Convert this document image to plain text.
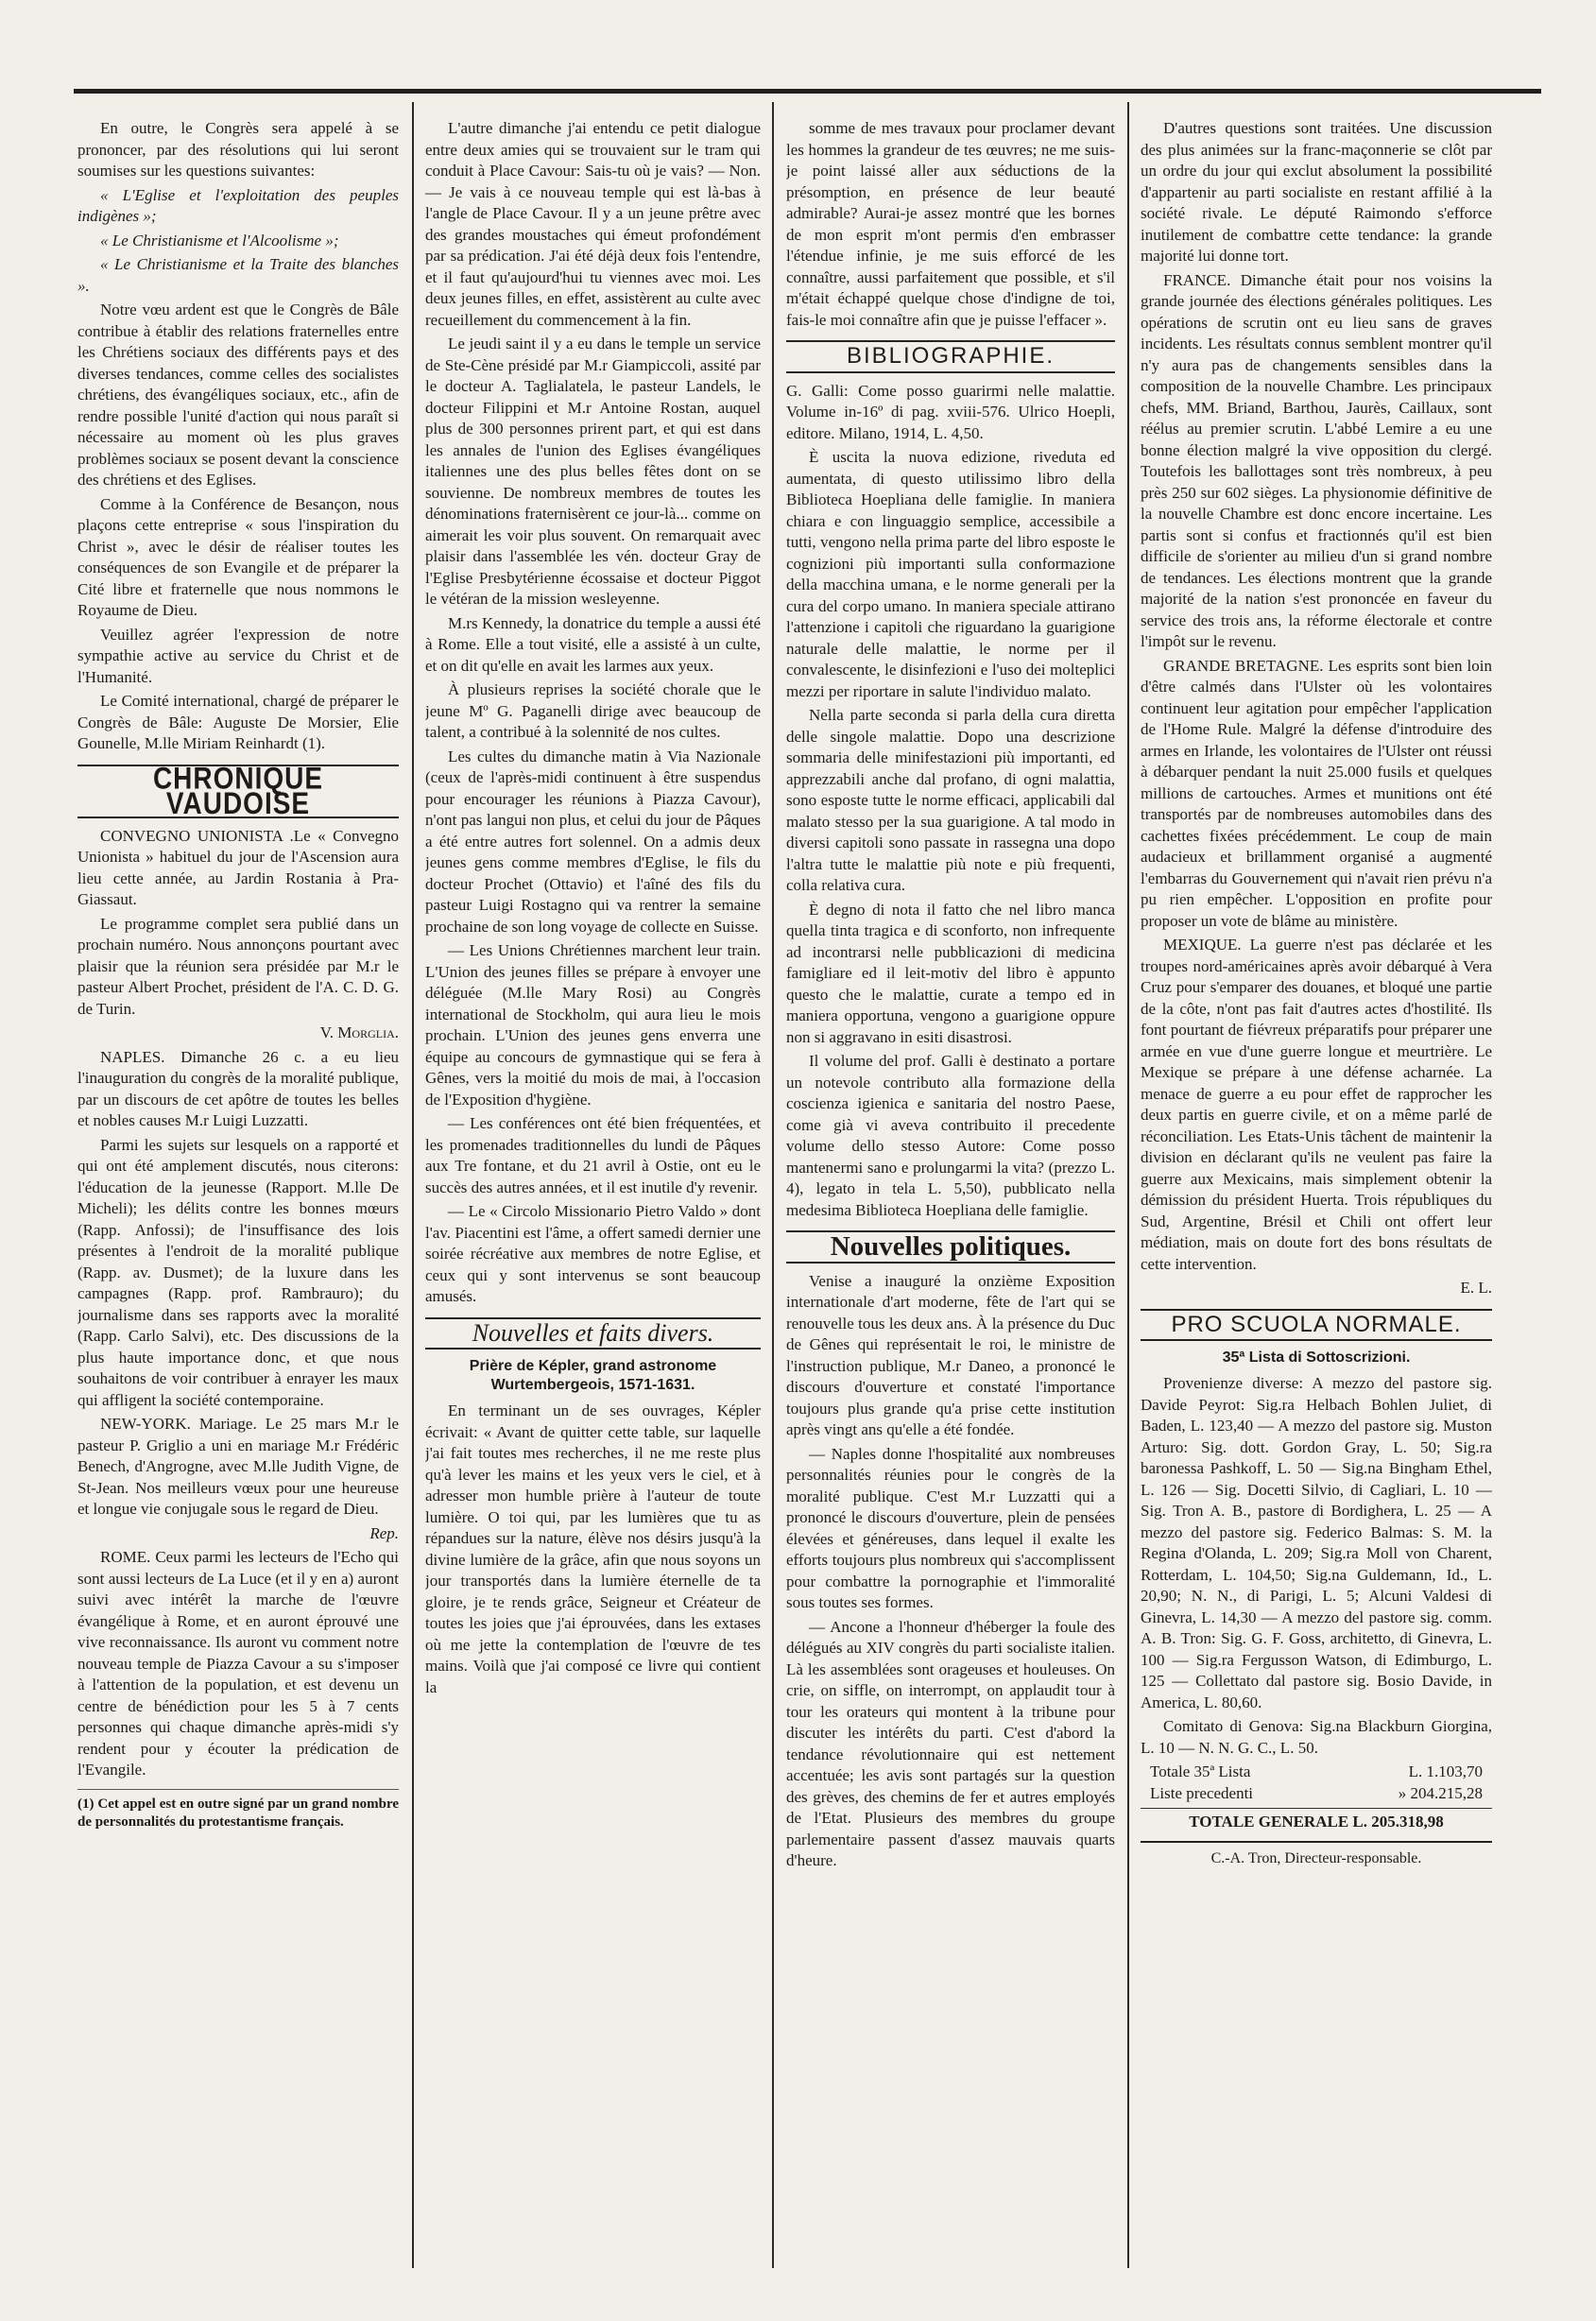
En outre, le Congrès sera appelé à se prononcer, par des résolutions qui lui seront soumises sur les questions suivantes:

« L'Eglise et l'exploitation des peuples indigènes »;

« Le Christianisme et l'Alcoolisme »;

« Le Christianisme et la Traite des blanches ».

Notre vœu ardent est que le Congrès de Bâle contribue à établir des relations fraternelles entre les Chrétiens sociaux des différents pays et des diverses tendances, comme celles des socialistes chrétiens, des évangéliques sociaux, etc., afin de rendre possible l'unité d'action qui nous paraît si nécessaire au moment où les plus graves problèmes sociaux se posent devant la conscience des chrétiens et des Eglises.

Comme à la Conférence de Besançon, nous plaçons cette entreprise « sous l'inspiration du Christ », avec le désir de réaliser toutes les conséquences de son Evangile et de préparer la Cité libre et fraternelle que nous nommons le Royaume de Dieu.

Veuillez agréer l'expression de notre sympathie active au service du Christ et de l'Humanité.

Le Comité international, chargé de préparer le Congrès de Bâle: Auguste De Morsier, Elie Gounelle, M.lle Miriam Reinhardt (1).

CHRONIQUE VAUDOISE

CONVEGNO UNIONISTA .Le « Convegno Unionista » habituel du jour de l'Ascension aura lieu cette année, au Jardin Rostania à Pra-Giassaut.

Le programme complet sera publié dans un prochain numéro. Nous annonçons pourtant avec plaisir que la réunion sera présidée par M.r le pasteur Albert Prochet, président de l'A. C. D. G. de Turin.

V. Morglia.

NAPLES. Dimanche 26 c. a eu lieu l'inauguration du congrès de la moralité publique, par un discours de cet apôtre de toutes les belles et nobles causes M.r Luigi Luzzatti.

Parmi les sujets sur lesquels on a rapporté et qui ont été amplement discutés, nous citerons: l'éducation de la jeunesse (Rapport. M.lle De Micheli); les délits contre les bonnes mœurs (Rapp. Anfossi); de l'insuffisance des lois présentes à l'endroit de la moralité publique (Rapp. av. Dusmet); de la luxure dans les campagnes (Rapp. prof. Rambrauro); du journalisme dans ses rapports avec la moralité (Rapp. Carlo Salvi), etc. Des discussions de la plus haute importance donc, et que nous souhaitons de voir contribuer à enrayer les maux qui affligent la société contemporaine.

NEW-YORK. Mariage. Le 25 mars M.r le pasteur P. Griglio a uni en mariage M.r Frédéric Benech, d'Angrogne, avec M.lle Judith Vigne, de St-Jean. Nos meilleurs vœux pour une heureuse et longue vie conjugale sous le regard de Dieu.

Rep.

ROME. Ceux parmi les lecteurs de l'Echo qui sont aussi lecteurs de La Luce (et il y en a) auront suivi avec intérêt la marche de l'œuvre évangélique à Rome, et en auront éprouvé une vive reconnaissance. Ils auront vu comment notre nouveau temple de Piazza Cavour a su s'imposer à l'attention de la population, et est devenu un centre de bénédiction pour les 5 à 7 cents personnes qui chaque dimanche après-midi s'y rendent pour y écouter la prédication de l'Evangile.

(1) Cet appel est en outre signé par un grand nombre de personnalités du protestantisme français.

L'autre dimanche j'ai entendu ce petit dialogue entre deux amies qui se trouvaient sur le tram qui conduit à Place Cavour: Sais-tu où je vais? — Non. — Je vais à ce nouveau temple qui est là-bas à l'angle de Place Cavour. Il y a un jeune prêtre avec des grandes moustaches qui émeut profondément par sa prédication. J'ai été déjà deux fois l'entendre, et il faut qu'aujourd'hui tu viennes avec moi. Les deux jeunes filles, en effet, assistèrent au culte avec recueillement du commencement à la fin.

Le jeudi saint il y a eu dans le temple un service de Ste-Cène présidé par M.r Giampiccoli, assité par le docteur A. Taglialatela, le pasteur Landels, le docteur Filippini et M.r Antoine Rostan, auquel plus de 300 personnes prirent part, et qui est dans les annales de l'union des Eglises évangéliques italiennes une des plus belles fêtes dont on se souvienne. De nombreux membres de toutes les dénominations fraternisèrent ce jour-là... comme on aimerait les voir plus souvent. On remarquait avec plaisir dans l'assemblée les vén. docteur Gray de l'Eglise Presbytérienne écossaise et docteur Piggot le vétéran de la mission wesleyenne.

M.rs Kennedy, la donatrice du temple a aussi été à Rome. Elle a tout visité, elle a assisté à un culte, et on dit qu'elle en avait les larmes aux yeux.

À plusieurs reprises la société chorale que le jeune Mº G. Paganelli dirige avec beaucoup de talent, a contribué à la solennité de nos cultes.

Les cultes du dimanche matin à Via Nazionale (ceux de l'après-midi continuent à être suspendus pour encourager les réunions à Piazza Cavour), n'ont pas langui non plus, et celui du jour de Pâques a été entre autres fort solennel. On a admis deux jeunes gens comme membres d'Eglise, le fils du docteur Prochet (Ottavio) et l'aîné des fils du pasteur Luigi Rostagno qui va rentrer la semaine prochaine de son long voyage de collecte en Suisse.

— Les Unions Chrétiennes marchent leur train. L'Union des jeunes filles se prépare à envoyer une déléguée (M.lle Mary Rosi) au Congrès international de Stockholm, qui aura lieu le mois prochain. L'Union des jeunes gens enverra une équipe au concours de gymnastique qui se fera à Gênes, vers la moitié du mois de mai, à l'occasion de l'Exposition d'hygiène.

— Les conférences ont été bien fréquentées, et les promenades traditionnelles du lundi de Pâques aux Tre fontane, et du 21 avril à Ostie, ont eu le succès des autres années, et il est inutile d'y revenir.

— Le « Circolo Missionario Pietro Valdo » dont l'av. Piacentini est l'âme, a offert samedi dernier une soirée récréative aux membres de notre Eglise, et ceux qui y sont intervenus se sont beaucoup amusés.

Nouvelles et faits divers.
Prière de Képler, grand astronome Wurtembergeois, 1571-1631.

En terminant un de ses ouvrages, Képler écrivait: « Avant de quitter cette table, sur laquelle j'ai fait toutes mes recherches, il ne me reste plus qu'à lever les mains et les yeux vers le ciel, et à adresser mon humble prière à l'auteur de toute lumière. O toi qui, par les lumières que tu as répandues sur la nature, élève nos désirs jusqu'à la divine lumière de la grâce, afin que nous soyons un jour transportés dans la lumière éternelle de ta gloire, je te rends grâce, Seigneur et Créateur de toutes les joies que j'ai éprouvées, dans les extases où me jette la contemplation de l'œuvre de tes mains. Voilà que j'ai composé ce livre qui contient la

somme de mes travaux pour proclamer devant les hommes la grandeur de tes œuvres; ne me suis-je point laissé aller aux séductions de la présomption, en présence de leur beauté admirable? Aurai-je assez montré que les bornes de mon esprit m'ont permis d'en embrasser l'étendue infinie, je me suis efforcé de les connaître, aussi parfaitement que possible, et s'il m'était échappé quelque chose d'indigne de toi, fais-le moi connaître afin que je puisse l'effacer ».

BIBLIOGRAPHIE.

G. Galli: Come posso guarirmi nelle malattie. Volume in-16º di pag. xviii-576. Ulrico Hoepli, editore. Milano, 1914, L. 4,50.

È uscita la nuova edizione, riveduta ed aumentata, di questo utilissimo libro della Biblioteca Hoepliana delle famiglie. In maniera chiara e con linguaggio semplice, accessibile a tutti, vengono nella prima parte del libro esposte le cognizioni più importanti sulla conformazione della macchina umana, e le norme generali per la cura del corpo umano. In maniera speciale attirano l'attenzione i capitoli che riguardano la guarigione naturale delle malattie, le norme per il convalescente, le disinfezioni e l'uso dei molteplici mezzi per riportare in salute l'individuo malato.

Nella parte seconda si parla della cura diretta delle singole malattie. Dopo una descrizione sommaria delle minifestazioni più importanti, ed apprezzabili anche dal profano, di ogni malattia, sono esposte tutte le norme efficaci, applicabili dal malato stesso per la sua guarigione. A tal modo in diversi capitoli sono passate in rassegna una dopo l'altra tutte le malattie più note e più frequenti, colla relativa cura.

È degno di nota il fatto che nel libro manca quella tinta tragica e di sconforto, non infrequente ad incontrarsi nelle pubblicazioni di medicina famigliare ed il leit-motiv del libro è appunto questo che le malattie, curate a tempo ed in maniera opportuna, vengono a guarigione oppure non si aggravano in esiti disastrosi.

Il volume del prof. Galli è destinato a portare un notevole contributo alla formazione della coscienza igienica e sanitaria del nostro Paese, come già vi aveva contribuito il precedente volume dello stesso Autore: Come posso mantenermi sano e prolungarmi la vita? (prezzo L. 4), legato in tela L. 5,50), pubblicato nella medesima Biblioteca Hoepliana delle famiglie.

Nouvelles politiques.

Venise a inauguré la onzième Exposition internationale d'art moderne, fête de l'art qui se renouvelle tous les deux ans. À la présence du Duc de Gênes qui représentait le roi, le ministre de l'instruction publique, M.r Daneo, a prononcé le discours d'ouverture et constaté l'importance toujours plus grande qu'a prise cette institution après vingt ans qu'elle a été fondée.

— Naples donne l'hospitalité aux nombreuses personnalités réunies pour le congrès de la moralité publique. C'est M.r Luzzatti qui a prononcé le discours d'ouverture, plein de pensées élevées et généreuses, dans lequel il exalte les efforts toujours plus nombreux qui s'accomplissent pour combattre la pornographie et l'immoralité sous toutes ses formes.

— Ancone a l'honneur d'héberger la foule des délégués au XIV congrès du parti socialiste italien. Là les assemblées sont orageuses et houleuses. On crie, on siffle, on interrompt, on applaudit tour à tour les orateurs qui montent à la tribune pour discuter les intérêts du parti. C'est d'abord la tendance révolutionnaire qui est nettement accentuée; les avis sont partagés sur la question des grèves, des chemins de fer et autres employés de l'Etat. Plusieurs des membres du groupe parlementaire passent d'assez mauvais quarts d'heure.

D'autres questions sont traitées. Une discussion des plus animées sur la franc-maçonnerie se clôt par un ordre du jour qui exclut absolument la possibilité d'appartenir au parti socialiste en restant affilié à la société rivale. Le député Raimondo s'efforce inutilement de combattre cette tendance: la grande majorité lui donne tort.

FRANCE. Dimanche était pour nos voisins la grande journée des élections générales politiques. Les opérations de scrutin ont eu lieu sans de graves incidents. Les résultats connus semblent montrer qu'il n'y aura pas de changements sensibles dans la composition de la nouvelle Chambre. Les principaux chefs, MM. Briand, Barthou, Jaurès, Caillaux, sont réélus au premier scrutin. L'abbé Lemire a eu une bonne élection malgré la vive opposition du clergé. Toutefois les ballottages sont très nombreux, à peu près 250 sur 602 sièges. La physionomie définitive de la nouvelle Chambre est donc encore incertaine. Les partis sont si confus et fractionnés qu'il est bien difficile de s'orienter au milieu d'un si grand nombre de tendances. Les élections montrent que la grande majorité de la nation s'est prononcée en faveur du service des trois ans, la réforme électorale et contre l'impôt sur le revenu.

GRANDE BRETAGNE. Les esprits sont bien loin d'être calmés dans l'Ulster où les volontaires continuent leur agitation pour empêcher l'application de l'Home Rule. Malgré la défense d'introduire des armes en Irlande, les volontaires de l'Ulster ont réussi à débarquer pendant la nuit 25.000 fusils et quelques millions de cartouches. Armes et munitions ont été transportés par de nombreuses automobiles dans des cachettes fixées précédemment. Le coup de main audacieux et brillamment organisé a augmenté l'embarras du Gouvernement qui n'avait rien prévu n'a pu rien empêcher. L'opposition en profite pour proposer un vote de blâme au ministère.

MEXIQUE. La guerre n'est pas déclarée et les troupes nord-américaines après avoir débarqué à Vera Cruz pour s'emparer des douanes, et bloqué une partie de la côte, n'ont pas fait d'autres actes d'hostilité. Ils font pourtant de fiévreux préparatifs pour préparer une armée en vue d'une guerre longue et meurtrière. Le Mexique se prépare à une défense acharnée. La menace de guerre a eu pour effet de rapprocher les deux partis en guerre civile, et on a même parlé de réconciliation. Les Etats-Unis tâchent de maintenir la division en déclarant qu'ils ne veulent pas faire la guerre aux Mexicains, mais simplement obtenir la démission du président Huerta. Trois républiques du Sud, Argentine, Brésil et Chili ont offert leur médiation, mais on doute fort des bons résultats de cette intervention.

E. L.

PRO SCUOLA NORMALE.
35ª Lista di Sottoscrizioni.

Provenienze diverse: A mezzo del pastore sig. Davide Peyrot: Sig.ra Helbach Bohlen Juliet, di Baden, L. 123,40 — A mezzo del pastore sig. Muston Arturo: Sig. dott. Gordon Gray, L. 50; Sig.ra baronessa Pashkoff, L. 50 — Sig.na Bingham Ethel, L. 126 — Sig. Docetti Silvio, di Cagliari, L. 10 — Sig. Tron A. B., pastore di Bordighera, L. 25 — A mezzo del pastore sig. Federico Balmas: S. M. la Regina d'Olanda, L. 209; Sig.ra Moll von Charent, Rotterdam, L. 104,50; Sig.na Guldemann, Id., L. 20,90; N. N., di Parigi, L. 5; Alcuni Valdesi di Ginevra, L. 14,30 — A mezzo del pastore sig. comm. A. B. Tron: Sig. G. F. Goss, architetto, di Ginevra, L. 100 — Sig.ra Fergusson Watson, di Edimburgo, L. 125 — Collettato dal pastore sig. Bosio Davide, in America, L. 80,60.

Comitato di Genova: Sig.na Blackburn Giorgina, L. 10 — N. N. G. C., L. 50.

Totale 35ª Lista	L. 1.103,70
Liste precedenti	» 204.215,28
TOTALE GENERALE L. 205.318,98
C.-A. Tron, Directeur-responsable.
